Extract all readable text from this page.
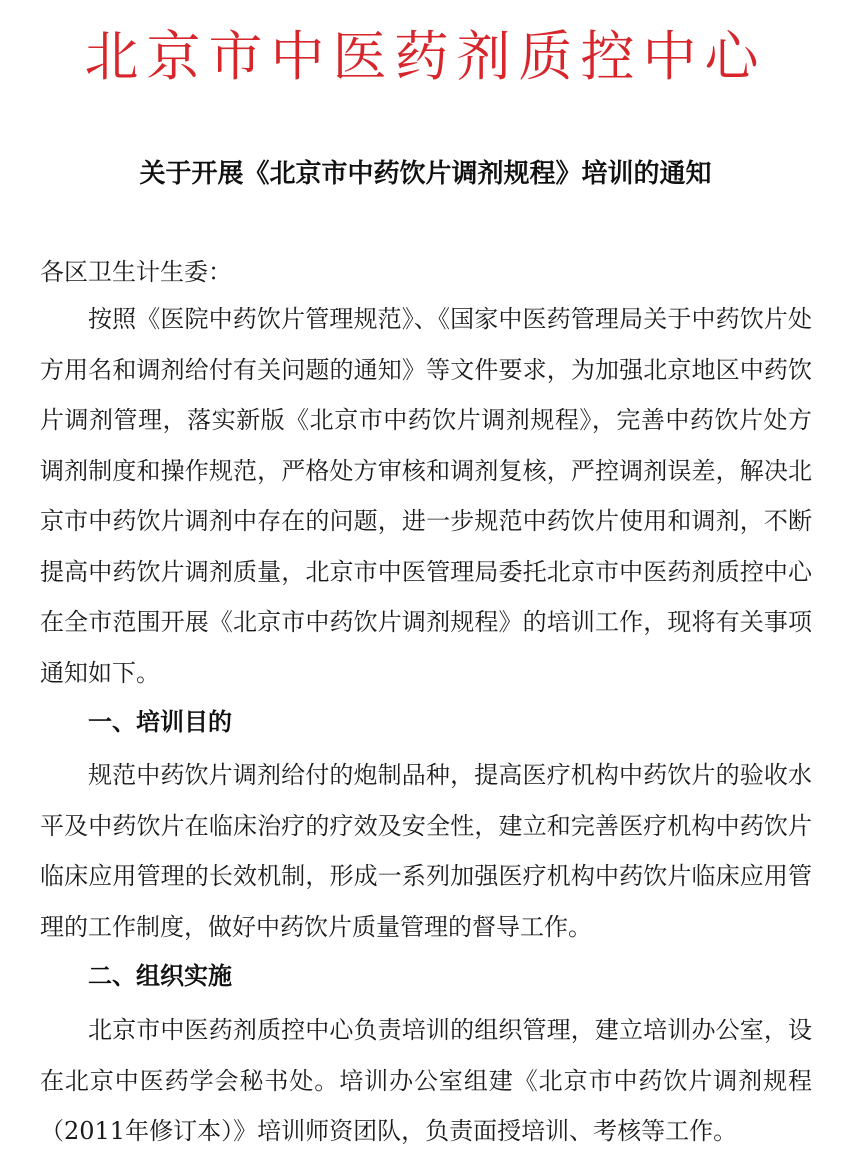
北京市中医药剂质控中心
关于开展《北京市中药饮片调剂规程》培训的通知

各区卫生计生委：

按照《医院中药饮片管理规范》、《国家中医药管理局关于中药饮片处方用名和调剂给付有关问题的通知》等文件要求，为加强北京地区中药饮片调剂管理，落实新版《北京市中药饮片调剂规程》，完善中药饮片处方调剂制度和操作规范，严格处方审核和调剂复核，严控调剂误差，解决北京市中药饮片调剂中存在的问题，进一步规范中药饮片使用和调剂，不断提高中药饮片调剂质量，北京市中医管理局委托北京市中医药剂质控中心在全市范围开展《北京市中药饮片调剂规程》的培训工作，现将有关事项通知如下。

一、培训目的

规范中药饮片调剂给付的炮制品种，提高医疗机构中药饮片的验收水平及中药饮片在临床治疗的疗效及安全性，建立和完善医疗机构中药饮片临床应用管理的长效机制，形成一系列加强医疗机构中药饮片临床应用管理的工作制度，做好中药饮片质量管理的督导工作。

二、组织实施

北京市中医药剂质控中心负责培训的组织管理，建立培训办公室，设在北京中医药学会秘书处。培训办公室组建《北京市中药饮片调剂规程（2011年修订本）》培训师资团队，负责面授培训、考核等工作。
